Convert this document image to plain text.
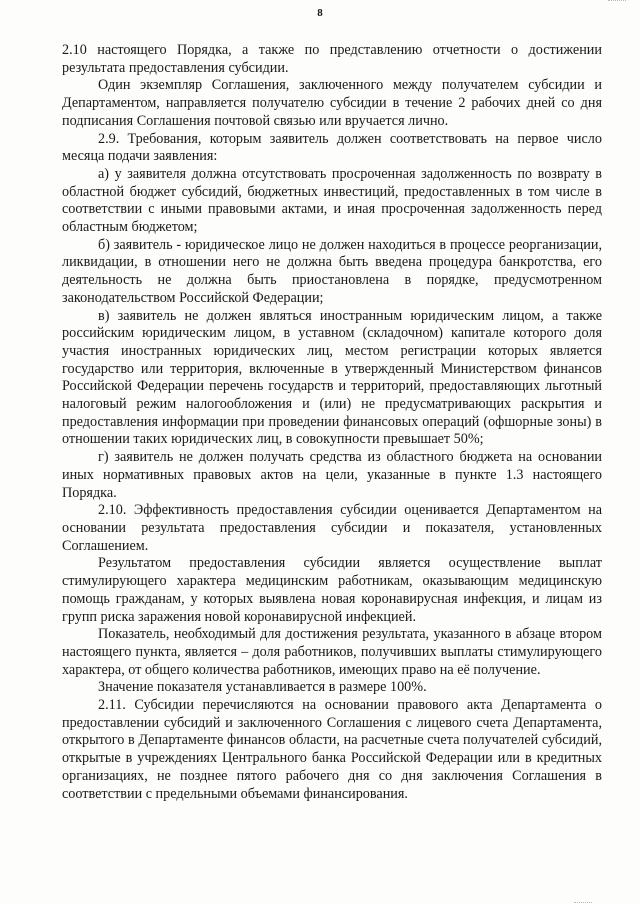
8

2.10 настоящего Порядка, а также по представлению отчетности о достижении результата предоставления субсидии.

Один экземпляр Соглашения, заключенного между получателем субсидии и Департаментом, направляется получателю субсидии в течение 2 рабочих дней со дня подписания Соглашения почтовой связью или вручается лично.

2.9. Требования, которым заявитель должен соответствовать на первое число месяца подачи заявления:

а) у заявителя должна отсутствовать просроченная задолженность по возврату в областной бюджет субсидий, бюджетных инвестиций, предоставленных в том числе в соответствии с иными правовыми актами, и иная просроченная задолженность перед областным бюджетом;

б) заявитель - юридическое лицо не должен находиться в процессе реорганизации, ликвидации, в отношении него не должна быть введена процедура банкротства, его деятельность не должна быть приостановлена в порядке, предусмотренном законодательством Российской Федерации;

в) заявитель не должен являться иностранным юридическим лицом, а также российским юридическим лицом, в уставном (складочном) капитале которого доля участия иностранных юридических лиц, местом регистрации которых является государство или территория, включенные в утвержденный Министерством финансов Российской Федерации перечень государств и территорий, предоставляющих льготный налоговый режим налогообложения и (или) не предусматривающих раскрытия и предоставления информации при проведении финансовых операций (офшорные зоны) в отношении таких юридических лиц, в совокупности превышает 50%;

г) заявитель не должен получать средства из областного бюджета на основании иных нормативных правовых актов на цели, указанные в пункте 1.3 настоящего Порядка.

2.10. Эффективность предоставления субсидии оценивается Департаментом на основании результата предоставления субсидии и показателя, установленных Соглашением.

Результатом предоставления субсидии является осуществление выплат стимулирующего характера медицинским работникам, оказывающим медицинскую помощь гражданам, у которых выявлена новая коронавирусная инфекция, и лицам из групп риска заражения новой коронавирусной инфекцией.

Показатель, необходимый для достижения результата, указанного в абзаце втором настоящего пункта, является – доля работников, получивших выплаты стимулирующего характера, от общего количества работников, имеющих право на её получение.

Значение показателя устанавливается в размере 100%.

2.11. Субсидии перечисляются на основании правового акта Департамента о предоставлении субсидий и заключенного Соглашения с лицевого счета Департамента, открытого в Департаменте финансов области, на расчетные счета получателей субсидий, открытые в учреждениях Центрального банка Российской Федерации или в кредитных организациях, не позднее пятого рабочего дня со дня заключения Соглашения в соответствии с предельными объемами финансирования.
